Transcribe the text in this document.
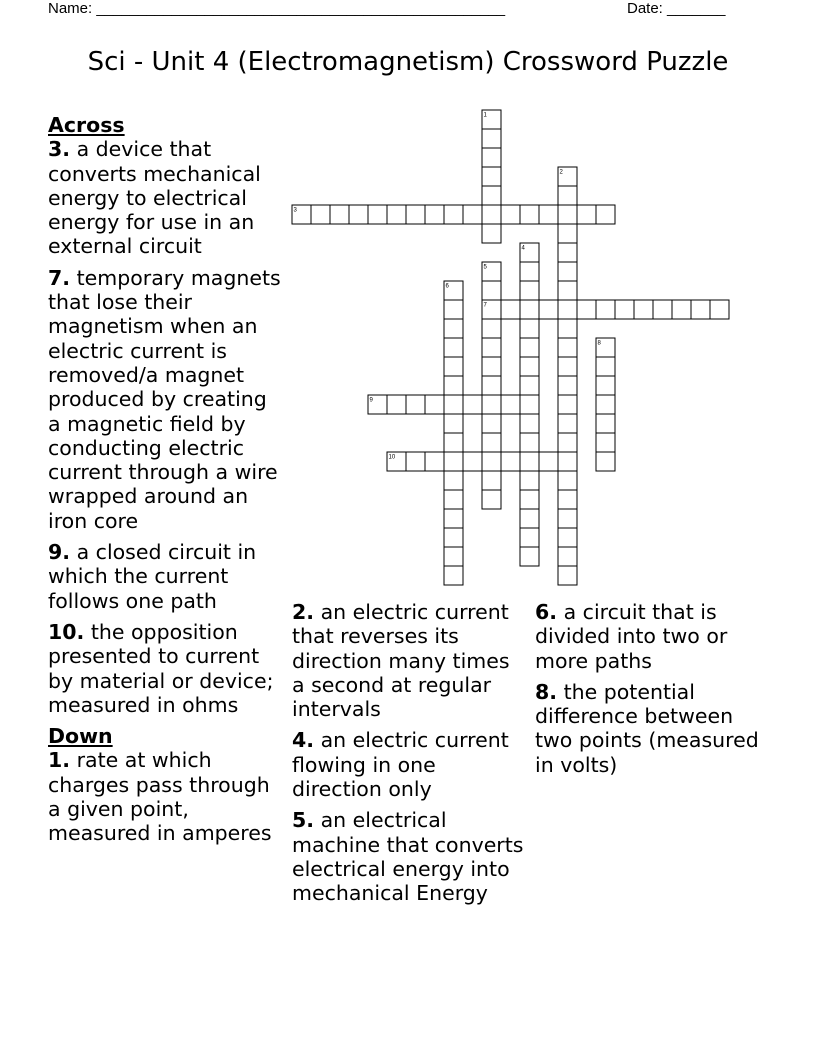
Name: _________________________________________________	Date: _______
Sci - Unit 4 (Electromagnetism) Crossword Puzzle
1
2
3
4
5
7
6
8
9
10

Across

3. a device that converts mechanical energy to electrical energy for use in an external circuit

7. temporary magnets that lose their magnetism when an electric current is removed/a magnet produced by creating a magnetic field by conducting electric current through a wire wrapped around an iron core

9. a closed circuit in which the current follows one path

10. the opposition presented to current by material or device; measured in ohms

Down

1. rate at which charges pass through a given point, measured in amperes

2. an electric current that reverses its direction many times a second at regular intervals

4. an electric current flowing in one direction only

5. an electrical machine that converts electrical energy into mechanical Energy

6. a circuit that is divided into two or more paths

8. the potential difference between two points (measured in volts)
